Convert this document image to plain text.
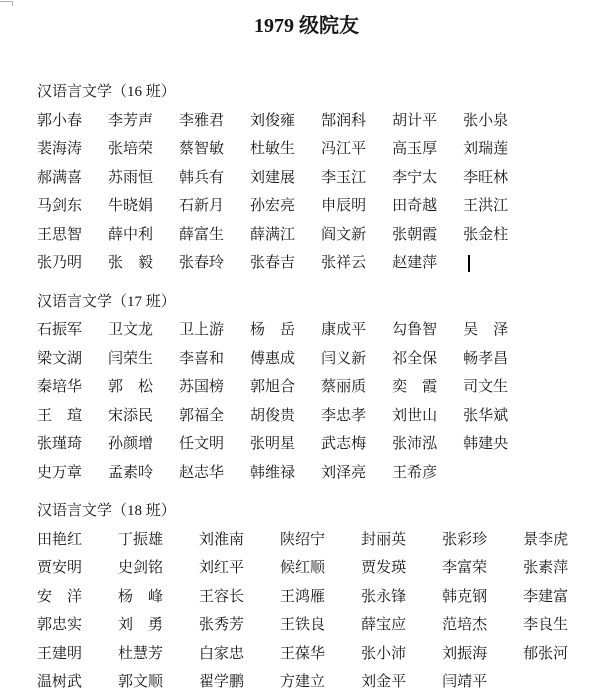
1979 级院友
汉语言文学（16 班）
郭小春 李芳声 李雅君 刘俊雍 郜润科 胡计平 张小泉
裴海涛 张培荣 蔡智敏 杜敏生 冯江平 高玉厚 刘瑞莲
郝满喜 苏雨恒 韩兵有 刘建展 李玉江 李宁太 李旺林
马剑东 牛晓娟 石新月 孙宏亮 申辰明 田奇越 王洪江
王思智 薛中利 薛富生 薛满江 阎文新 张朝霞 张金柱
张乃明 张　毅 张春玲 张春吉 张祥云 赵建萍
汉语言文学（17 班）
石振军 卫文龙 卫上游 杨　岳 康成平 勾鲁智 吴　泽
梁文湖 闫荣生 李喜和 傅惠成 闫义新 祁全保 畅孝昌
秦培华 郭　松 苏国榜 郭旭合 蔡丽质 奕　霞 司文生
王　瑄 宋添民 郭福全 胡俊贵 李忠孝 刘世山 张华斌
张瑾琦 孙颜增 任文明 张明星 武志梅 张沛泓 韩建央
史万章 孟素呤 赵志华 韩维禄 刘泽亮 王希彦
汉语言文学（18 班）
田艳红 丁振雄 刘淮南 陕绍宁 封丽英 张彩珍 景李虎
贾安明 史剑铭 刘红平 候红顺 贾发瑛 李富荣 张素萍
安　洋 杨　峰 王容长 王鸿雁 张永锋 韩克钢 李建富
郭忠实 刘　勇 张秀芳 王铁良 薛宝应 范培杰 李良生
王建明 杜慧芳 白家忠 王葆华 张小沛 刘振海 郁张河
温树武 郭文顺 翟学鹏 方建立 刘金平 闫靖平
